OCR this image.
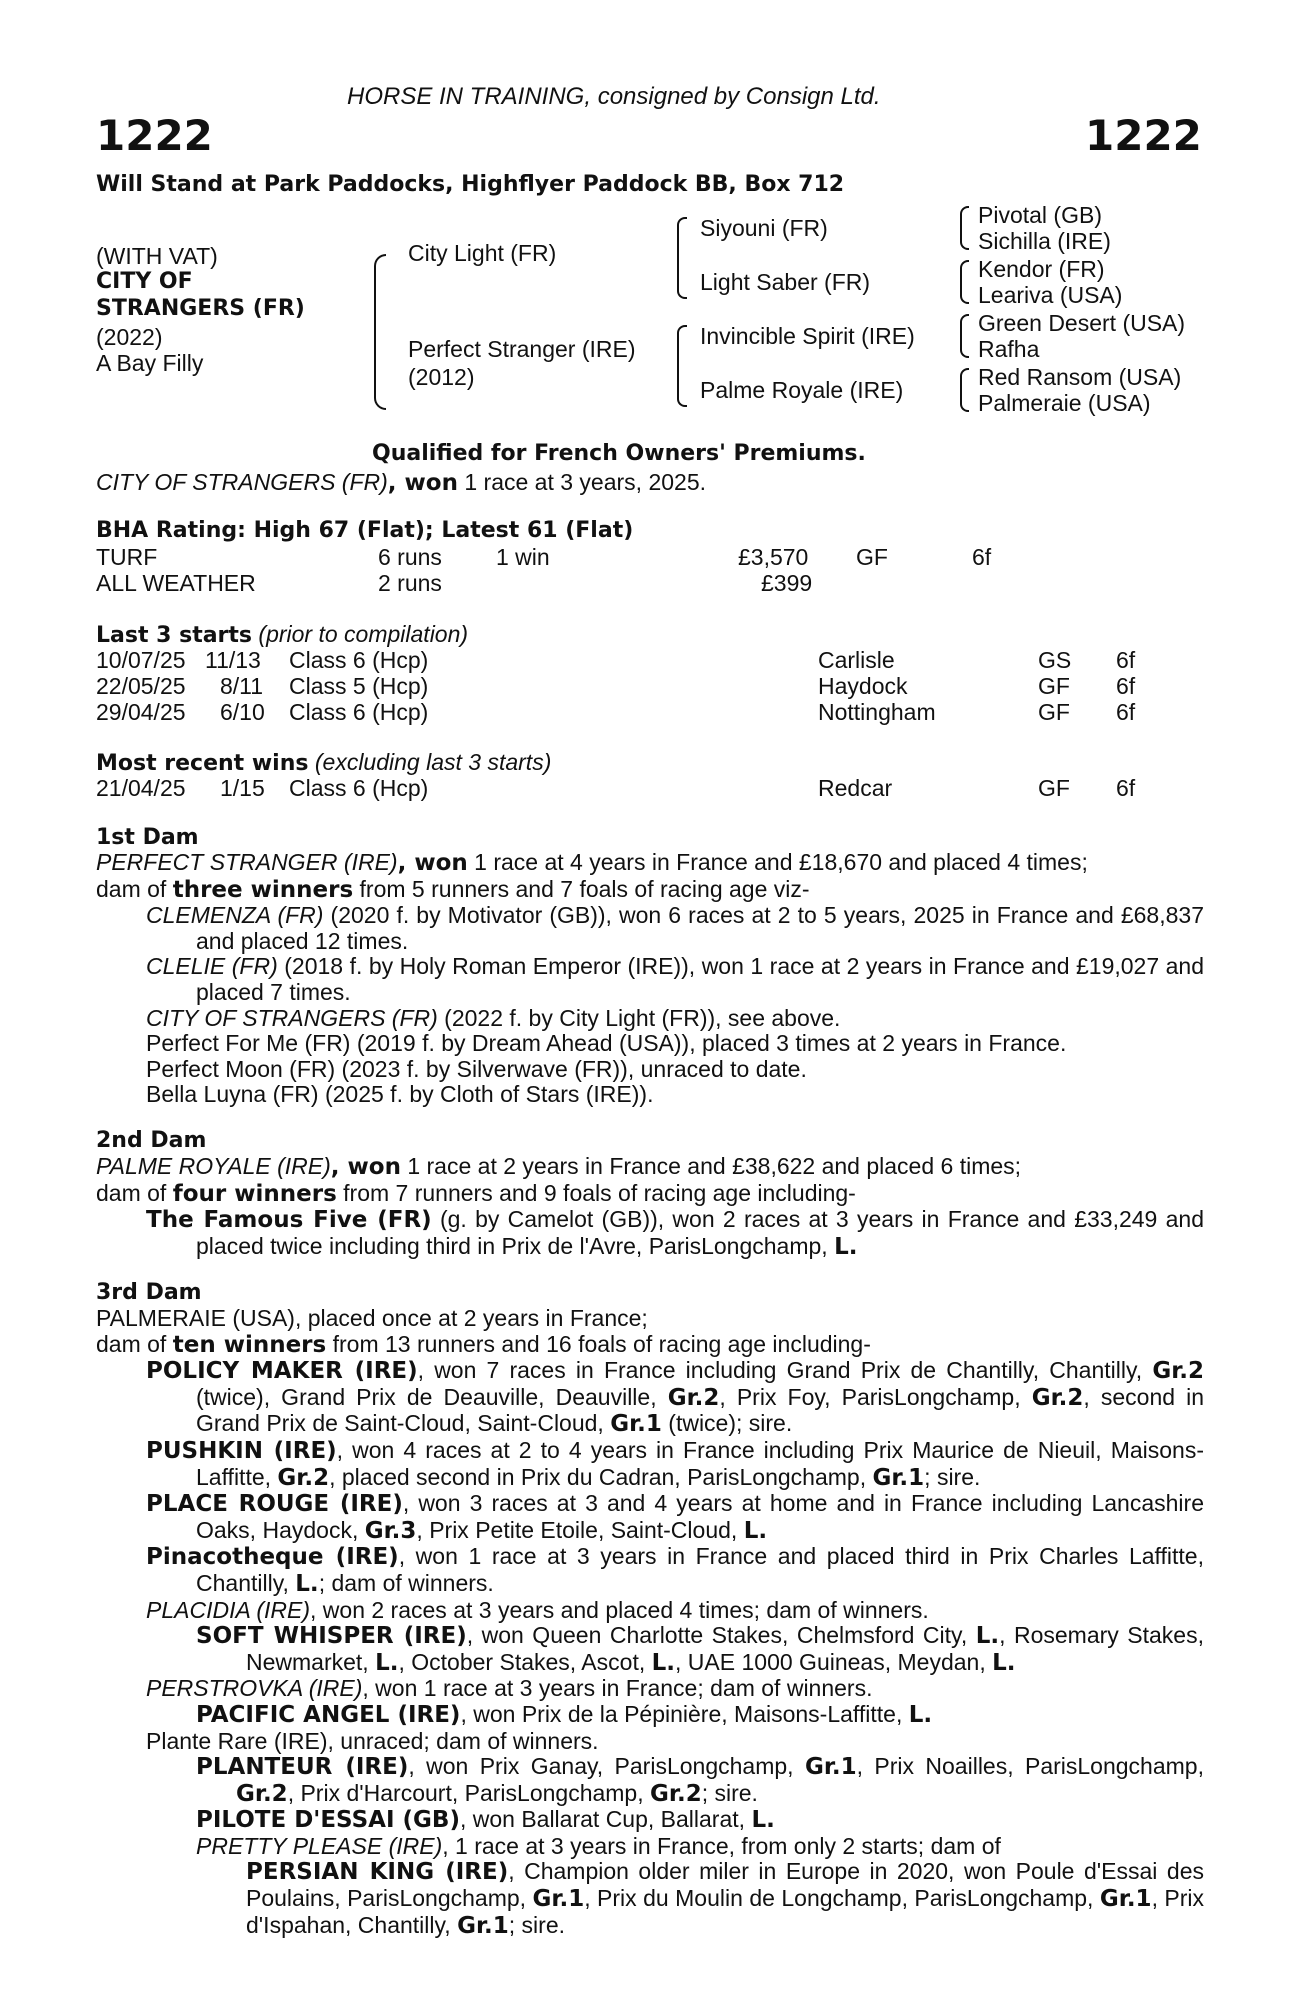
HORSE IN TRAINING, consigned by Consign Ltd.
1222	1222
Will Stand at Park Paddocks, Highflyer Paddock BB, Box 712
(WITH VAT)
CITY OF
STRANGERS (FR)
(2022)
A Bay Filly
City Light (FR)
Perfect Stranger (IRE)
(2012)
Siyouni (FR)
Light Saber (FR)
Invincible Spirit (IRE)
Palme Royale (IRE)
Pivotal (GB)
Sichilla (IRE)
Kendor (FR)
Leariva (USA)
Green Desert (USA)
Rafha
Red Ransom (USA)
Palmeraie (USA)
Qualified for French Owners' Premiums.
CITY OF STRANGERS (FR), won 1 race at 3 years, 2025.
BHA Rating: High 67 (Flat); Latest 61 (Flat)
TURF	6 runs 1 win	£3,570 GF	6f
ALL WEATHER	2 runs	£399
Last 3 starts (prior to compilation)
10/07/25 11/13 Class 6 (Hcp)	Carlisle	GS 6f
22/05/25 8/11 Class 5 (Hcp)	Haydock	GF 6f
29/04/25 6/10 Class 6 (Hcp)	Nottingham	GF 6f
Most recent wins (excluding last 3 starts)
21/04/25 1/15 Class 6 (Hcp)	Redcar	GF 6f
1st Dam

PERFECT STRANGER (IRE), won 1 race at 4 years in France and £18,670 and placed 4 times;

dam of three winners from 5 runners and 7 foals of racing age viz-

CLEMENZA (FR) (2020 f. by Motivator (GB)), won 6 races at 2 to 5 years, 2025 in France and £68,837 and placed 12 times.

CLELIE (FR) (2018 f. by Holy Roman Emperor (IRE)), won 1 race at 2 years in France and £19,027 and placed 7 times.

CITY OF STRANGERS (FR) (2022 f. by City Light (FR)), see above.

Perfect For Me (FR) (2019 f. by Dream Ahead (USA)), placed 3 times at 2 years in France.

Perfect Moon (FR) (2023 f. by Silverwave (FR)), unraced to date.

Bella Luyna (FR) (2025 f. by Cloth of Stars (IRE)).

2nd Dam

PALME ROYALE (IRE), won 1 race at 2 years in France and £38,622 and placed 6 times;

dam of four winners from 7 runners and 9 foals of racing age including-

The Famous Five (FR) (g. by Camelot (GB)), won 2 races at 3 years in France and £33,249 and placed twice including third in Prix de l'Avre, ParisLongchamp, L.

3rd Dam

PALMERAIE (USA), placed once at 2 years in France;

dam of ten winners from 13 runners and 16 foals of racing age including-

POLICY MAKER (IRE), won 7 races in France including Grand Prix de Chantilly, Chantilly, Gr.2 (twice), Grand Prix de Deauville, Deauville, Gr.2, Prix Foy, ParisLongchamp, Gr.2, second in Grand Prix de Saint-Cloud, Saint-Cloud, Gr.1 (twice); sire.

PUSHKIN (IRE), won 4 races at 2 to 4 years in France including Prix Maurice de Nieuil, Maisons-Laffitte, Gr.2, placed second in Prix du Cadran, ParisLongchamp, Gr.1; sire.

PLACE ROUGE (IRE), won 3 races at 3 and 4 years at home and in France including Lancashire Oaks, Haydock, Gr.3, Prix Petite Etoile, Saint-Cloud, L.

Pinacotheque (IRE), won 1 race at 3 years in France and placed third in Prix Charles Laffitte, Chantilly, L.; dam of winners.

PLACIDIA (IRE), won 2 races at 3 years and placed 4 times; dam of winners.

SOFT WHISPER (IRE), won Queen Charlotte Stakes, Chelmsford City, L., Rosemary Stakes, Newmarket, L., October Stakes, Ascot, L., UAE 1000 Guineas, Meydan, L.

PERSTROVKA (IRE), won 1 race at 3 years in France; dam of winners.

PACIFIC ANGEL (IRE), won Prix de la Pépinière, Maisons-Laffitte, L.

Plante Rare (IRE), unraced; dam of winners.

PLANTEUR (IRE), won Prix Ganay, ParisLongchamp, Gr.1, Prix Noailles, ParisLongchamp, Gr.2, Prix d'Harcourt, ParisLongchamp, Gr.2; sire.

PILOTE D'ESSAI (GB), won Ballarat Cup, Ballarat, L.

PRETTY PLEASE (IRE), 1 race at 3 years in France, from only 2 starts; dam of

PERSIAN KING (IRE), Champion older miler in Europe in 2020, won Poule d'Essai des Poulains, ParisLongchamp, Gr.1, Prix du Moulin de Longchamp, ParisLongchamp, Gr.1, Prix d'Ispahan, Chantilly, Gr.1; sire.
